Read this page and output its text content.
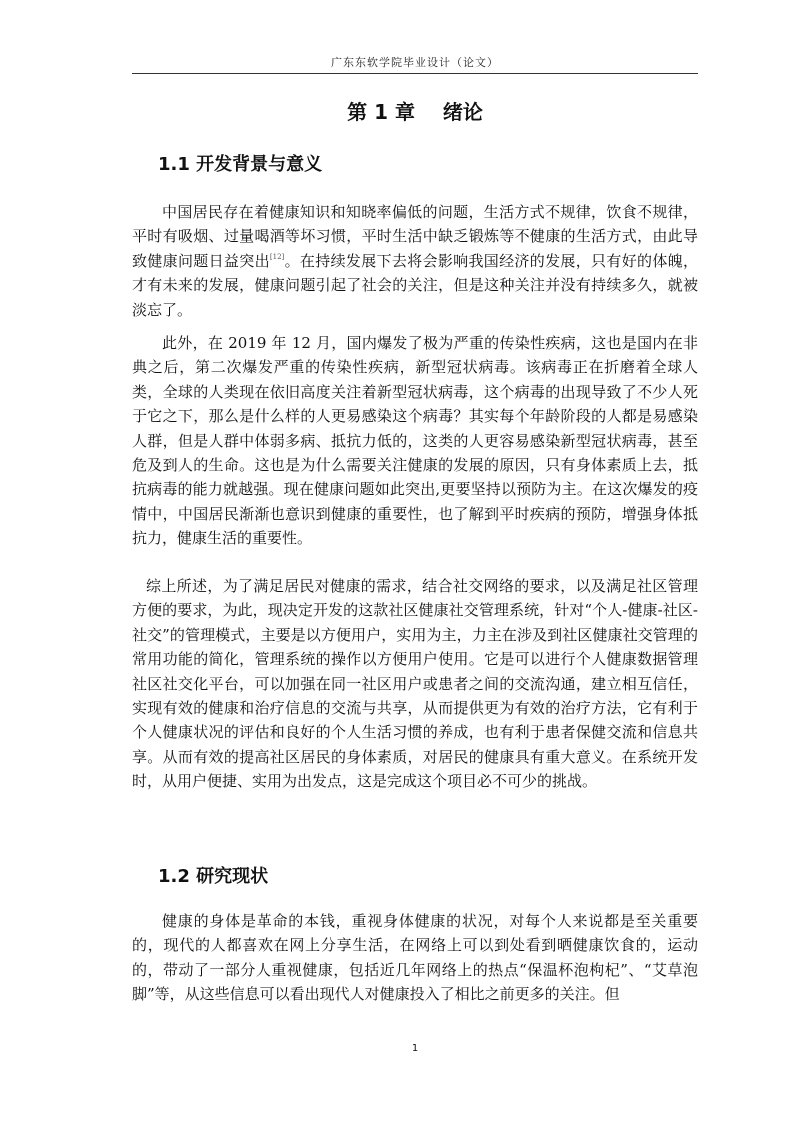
广东东软学院毕业设计（论文）
第 1 章    绪论
1.1 开发背景与意义

中国居民存在着健康知识和知晓率偏低的问题，生活方式不规律，饮食不规律，平时有吸烟、过量喝酒等坏习惯，平时生活中缺乏锻炼等不健康的生活方式，由此导致健康问题日益突出[12]。在持续发展下去将会影响我国经济的发展，只有好的体魄，才有未来的发展，健康问题引起了社会的关注，但是这种关注并没有持续多久，就被淡忘了。

此外，在 2019 年 12 月，国内爆发了极为严重的传染性疾病，这也是国内在非典之后，第二次爆发严重的传染性疾病，新型冠状病毒。该病毒正在折磨着全球人类，全球的人类现在依旧高度关注着新型冠状病毒，这个病毒的出现导致了不少人死于它之下，那么是什么样的人更易感染这个病毒？其实每个年龄阶段的人都是易感染人群，但是人群中体弱多病、抵抗力低的，这类的人更容易感染新型冠状病毒，甚至危及到人的生命。这也是为什么需要关注健康的发展的原因，只有身体素质上去，抵抗病毒的能力就越强。现在健康问题如此突出,更要坚持以预防为主。在这次爆发的疫情中，中国居民渐渐也意识到健康的重要性，也了解到平时疾病的预防，增强身体抵抗力，健康生活的重要性。

综上所述，为了满足居民对健康的需求，结合社交网络的要求，以及满足社区管理方便的要求，为此，现决定开发的这款社区健康社交管理系统，针对“个人-健康-社区-社交”的管理模式，主要是以方便用户，实用为主，力主在涉及到社区健康社交管理的常用功能的简化，管理系统的操作以方便用户使用。它是可以进行个人健康数据管理社区社交化平台，可以加强在同一社区用户或患者之间的交流沟通，建立相互信任，实现有效的健康和治疗信息的交流与共享，从而提供更为有效的治疗方法，它有利于个人健康状况的评估和良好的个人生活习惯的养成，也有利于患者保健交流和信息共享。从而有效的提高社区居民的身体素质，对居民的健康具有重大意义。在系统开发时，从用户便捷、实用为出发点，这是完成这个项目必不可少的挑战。

1.2 研究现状

健康的身体是革命的本钱，重视身体健康的状况，对每个人来说都是至关重要的，现代的人都喜欢在网上分享生活，在网络上可以到处看到晒健康饮食的，运动的，带动了一部分人重视健康，包括近几年网络上的热点“保温杯泡枸杞”、“艾草泡脚”等，从这些信息可以看出现代人对健康投入了相比之前更多的关注。但

1
